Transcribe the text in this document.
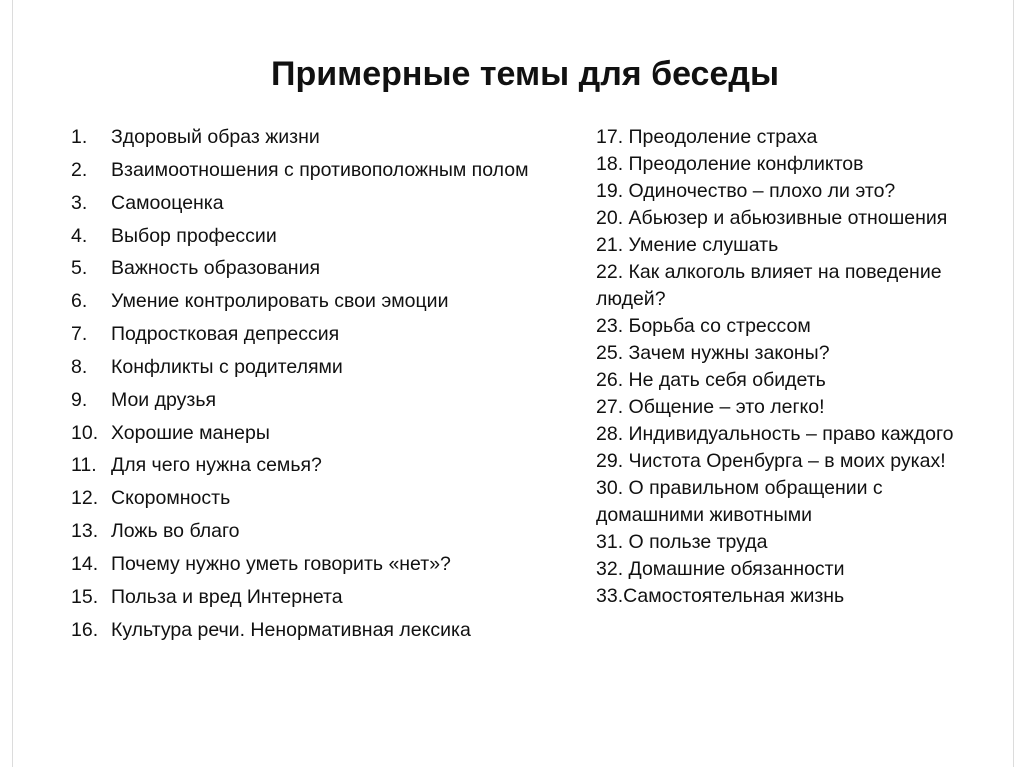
Примерные темы для беседы
1.	Здоровый образ жизни
2.	Взаимоотношения с противоположным полом
3.	Самооценка
4.	Выбор профессии
5.	Важность образования
6.	Умение контролировать свои эмоции
7.	Подростковая депрессия
8.	Конфликты с родителями
9.	Мои друзья
10. Хорошие манеры
11. Для чего нужна семья?
12. Скоромность
13. Ложь во благо
14. Почему нужно уметь говорить «нет»?
15. Польза и вред Интернета
16. Культура речи. Ненормативная лексика
17. Преодоление страха
18. Преодоление конфликтов
19. Одиночество – плохо ли это?
20. Абьюзер и абьюзивные отношения
21. Умение слушать
22. Как алкоголь влияет на поведение людей?
23. Борьба со стрессом
25. Зачем нужны законы?
26. Не дать себя обидеть
27. Общение – это легко!
28. Индивидуальность – право каждого
29. Чистота Оренбурга – в моих руках!
30. О правильном обращении с домашними животными
31. О пользе труда
32. Домашние обязанности
33.Самостоятельная жизнь
